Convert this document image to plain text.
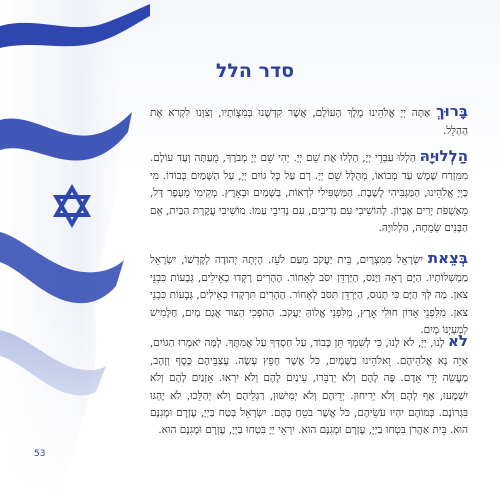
סדר הלל

בָּרוּךְ אַתָּה יְיָ אֱלֹהֵינוּ מֶלֶךְ הָעוֹלָם, אֲשֶׁר קִדְּשָׁנוּ בְּמִצְוֹתָיו, וְצִוָּנוּ לִקְרֹא אֶת הַהַלֵּל.

הַלְלוּיָהּ הַלְלוּ עַבְדֵי יְיָ, הַלְלוּ אֶת שֵׁם יְיָ. יְהִי שֵׁם יְיָ מְבֹרָךְ, מֵעַתָּה וְעַד עוֹלָם. מִמִּזְרַח שֶׁמֶשׁ עַד מְבוֹאוֹ, מְהֻלָּל שֵׁם יְיָ. רָם עַל כָּל גּוֹיִם יְיָ, עַל הַשָּׁמַיִם כְּבוֹדוֹ. מִי כַּיְיָ אֱלֹהֵינוּ, הַמַּגְבִּיהִי לָשָׁבֶת. הַמַּשְׁפִּילִי לִרְאוֹת, בַּשָּׁמַיִם וּבָאָרֶץ. מְקִימִי מֵעָפָר דָּל, מֵאַשְׁפֹּת יָרִים אֶבְיוֹן. לְהוֹשִׁיבִי עִם נְדִיבִים, עִם נְדִיבֵי עַמּוֹ. מוֹשִׁיבִי עֲקֶרֶת הַבַּיִת, אֵם הַבָּנִים שְׂמֵחָה, הַלְלוּיָהּ.

בְּצֵאת יִשְׂרָאֵל מִמִּצְרָיִם, בֵּית יַעֲקֹב מֵעַם לֹעֵז. הָיְתָה יְהוּדָה לְקָדְשׁוֹ, יִשְׂרָאֵל מַמְשְׁלוֹתָיו. הַיָּם רָאָה וַיָּנֹס, הַיַּרְדֵּן יִסֹּב לְאָחוֹר. הֶהָרִים רָקְדוּ כְאֵילִים, גְּבָעוֹת כִּבְנֵי צֹאן. מַה לְּךָ הַיָּם כִּי תָנוּס, הַיַּרְדֵּן תִּסֹּב לְאָחוֹר. הֶהָרִים תִּרְקְדוּ כְאֵילִים, גְּבָעוֹת כִּבְנֵי צֹאן. מִלִּפְנֵי אָדוֹן חוּלִי אָרֶץ, מִלִּפְנֵי אֱלוֹהַּ יַעֲקֹב. הַהֹפְכִי הַצּוּר אֲגַם מָיִם, חַלָּמִישׁ לְמַעְיְנוֹ מָיִם.

לֹא לָנוּ, יְיָ, לֹא לָנוּ, כִּי לְשִׁמְךָ תֵּן כָּבוֹד, עַל חַסְדְּךָ עַל אֲמִתֶּךָ. לָמָּה יֹאמְרוּ הַגּוֹיִם, אַיֵּה נָא אֱלֹהֵיהֶם. וֵאלֹהֵינוּ בַשָּׁמָיִם, כֹּל אֲשֶׁר חָפֵץ עָשָׂה. עֲצַבֵּיהֶם כֶּסֶף וְזָהָב, מַעֲשֵׂה יְדֵי אָדָם. פֶּה לָהֶם וְלֹא יְדַבֵּרוּ, עֵינַיִם לָהֶם וְלֹא יִרְאוּ. אָזְנַיִם לָהֶם וְלֹא יִשְׁמָעוּ, אַף לָהֶם וְלֹא יְרִיחוּן. יְדֵיהֶם וְלֹא יְמִישׁוּן, רַגְלֵיהֶם וְלֹא יְהַלֵּכוּ, לֹא יֶהְגּוּ בִּגְרוֹנָם. כְּמוֹהֶם יִהְיוּ עֹשֵׂיהֶם, כֹּל אֲשֶׁר בֹּטֵחַ בָּהֶם. יִשְׂרָאֵל בְּטַח בַּיְיָ, עֶזְרָם וּמָגִנָּם הוּא. בֵּית אַהֲרֹן בִּטְחוּ בַיְיָ, עֶזְרָם וּמָגִנָּם הוּא. יִרְאֵי יְיָ בִּטְחוּ בַיְיָ, עֶזְרָם וּמָגִנָּם הוּא.

53
